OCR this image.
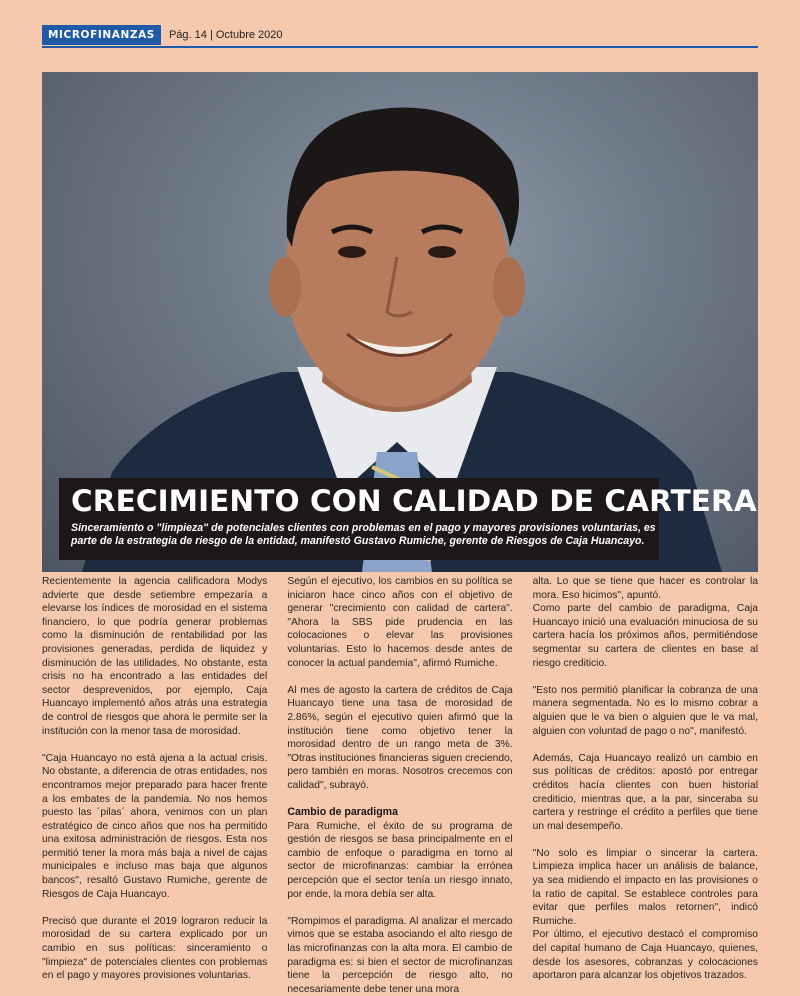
MICROFINANZAS	Pág. 14 | Octubre 2020
CRECIMIENTO CON CALIDAD DE CARTERA
Sinceramiento o "limpieza" de potenciales clientes con problemas en el pago y mayores provisiones voluntarias, es parte de la estrategia de riesgo de la entidad, manifestó Gustavo Rumiche, gerente de Riesgos de Caja Huancayo.

Recientemente la agencia calificadora Modys advierte que desde setiembre empezaría a elevarse los índices de morosidad en el sistema financiero, lo que podría generar problemas como la disminución de rentabilidad por las provisiones generadas, perdida de liquidez y disminución de las utilidades. No obstante, esta crisis no ha encontrado a las entidades del sector desprevenidos, por ejemplo, Caja Huancayo implementó años atrás una estrategia de control de riesgos que ahora le permite ser la institución con la menor tasa de morosidad.

"Caja Huancayo no está ajena a la actual crisis. No obstante, a diferencia de otras entidades, nos encontramos mejor preparado para hacer frente a los embates de la pandemia. No nos hemos puesto las ´pilas´ ahora, venimos con un plan estratégico de cinco años que nos ha permitido una exitosa administración de riesgos. Esta nos permitió tener la mora más baja a nivel de cajas municipales e incluso mas baja que algunos bancos", resaltó Gustavo Rumiche, gerente de Riesgos de Caja Huancayo.

Precisó que durante el 2019 lograron reducir la morosidad de su cartera explicado por un cambio en sus políticas: sinceramiento o "limpieza" de potenciales clientes con problemas en el pago y mayores provisiones voluntarias.

Según el ejecutivo, los cambios en su política se iniciaron hace cinco años con el objetivo de generar "crecimiento con calidad de cartera". "Ahora la SBS pide prudencia en las colocaciones o elevar las provisiones voluntarias. Esto lo hacemos desde antes de conocer la actual pandemia", afirmó Rumiche.

Al mes de agosto la cartera de créditos de Caja Huancayo tiene una tasa de morosidad de 2.86%, según el ejecutivo quien afirmó que la institución tiene como objetivo tener la morosidad dentro de un rango meta de 3%. "Otras instituciones financieras siguen creciendo, pero también en moras. Nosotros crecemos con calidad", subrayó.

Cambio de paradigma

Para Rumiche, el éxito de su programa de gestión de riesgos se basa principalmente en el cambio de enfoque o paradigma en torno al sector de microfinanzas: cambiar la errónea percepción que el sector tenía un riesgo innato, por ende, la mora debía ser alta.

"Rompimos el paradigma. Al analizar el mercado vimos que se estaba asociando el alto riesgo de las microfinanzas con la alta mora. El cambio de paradigma es: si bien el sector de microfinanzas tiene la percepción de riesgo alto, no necesariamente debe tener una mora

alta. Lo que se tiene que hacer es controlar la mora. Eso hicimos", apuntó.

Como parte del cambio de paradigma, Caja Huancayo inició una evaluación minuciosa de su cartera hacía los próximos años, permitiéndose segmentar su cartera de clientes en base al riesgo crediticio.

"Esto nos permitió planificar la cobranza de una manera segmentada. No es lo mismo cobrar a alguien que le va bien o alguien que le va mal, alguien con voluntad de pago o no", manifestó.

Además, Caja Huancayo realizó un cambio en sus políticas de créditos: apostó por entregar créditos hacía clientes con buen historial crediticio, mientras que, a la par, sinceraba su cartera y restringe el crédito a perfiles que tiene un mal desempeño.

"No solo es limpiar o sincerar la cartera. Limpieza implica hacer un análisis de balance, ya sea midiendo el impacto en las provisiones o la ratio de capital. Se establece controles para evitar que perfiles malos retornen", indicó Rumiche.

Por último, el ejecutivo destacó el compromiso del capital humano de Caja Huancayo, quienes, desde los asesores, cobranzas y colocaciones aportaron para alcanzar los objetivos trazados.
